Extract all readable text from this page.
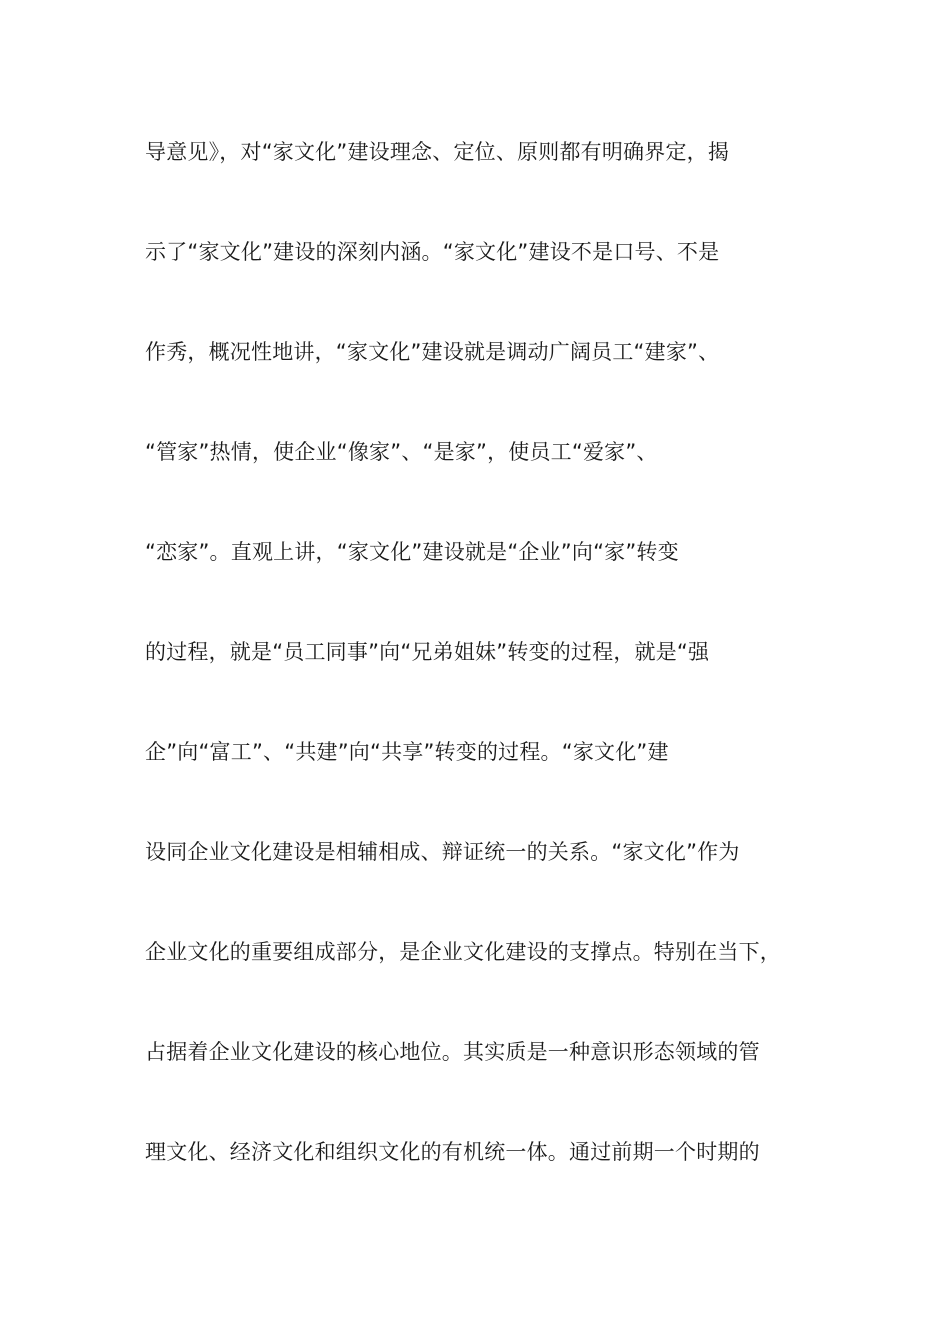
导意见》，对“家文化”建设理念、定位、原则都有明确界定，揭
示了“家文化”建设的深刻内涵。“家文化”建设不是口号、不是
作秀，概况性地讲，“家文化”建设就是调动广阔员工“建家”、
“管家”热情，使企业“像家”、“是家”，使员工“爱家”、
“恋家”。直观上讲，“家文化”建设就是“企业”向“家”转变
的过程，就是“员工同事”向“兄弟姐妹”转变的过程，就是“强
企”向“富工”、“共建”向“共享”转变的过程。“家文化”建
设同企业文化建设是相辅相成、辩证统一的关系。“家文化”作为
企业文化的重要组成部分，是企业文化建设的支撑点。特别在当下，
占据着企业文化建设的核心地位。其实质是一种意识形态领域的管
理文化、经济文化和组织文化的有机统一体。通过前期一个时期的
